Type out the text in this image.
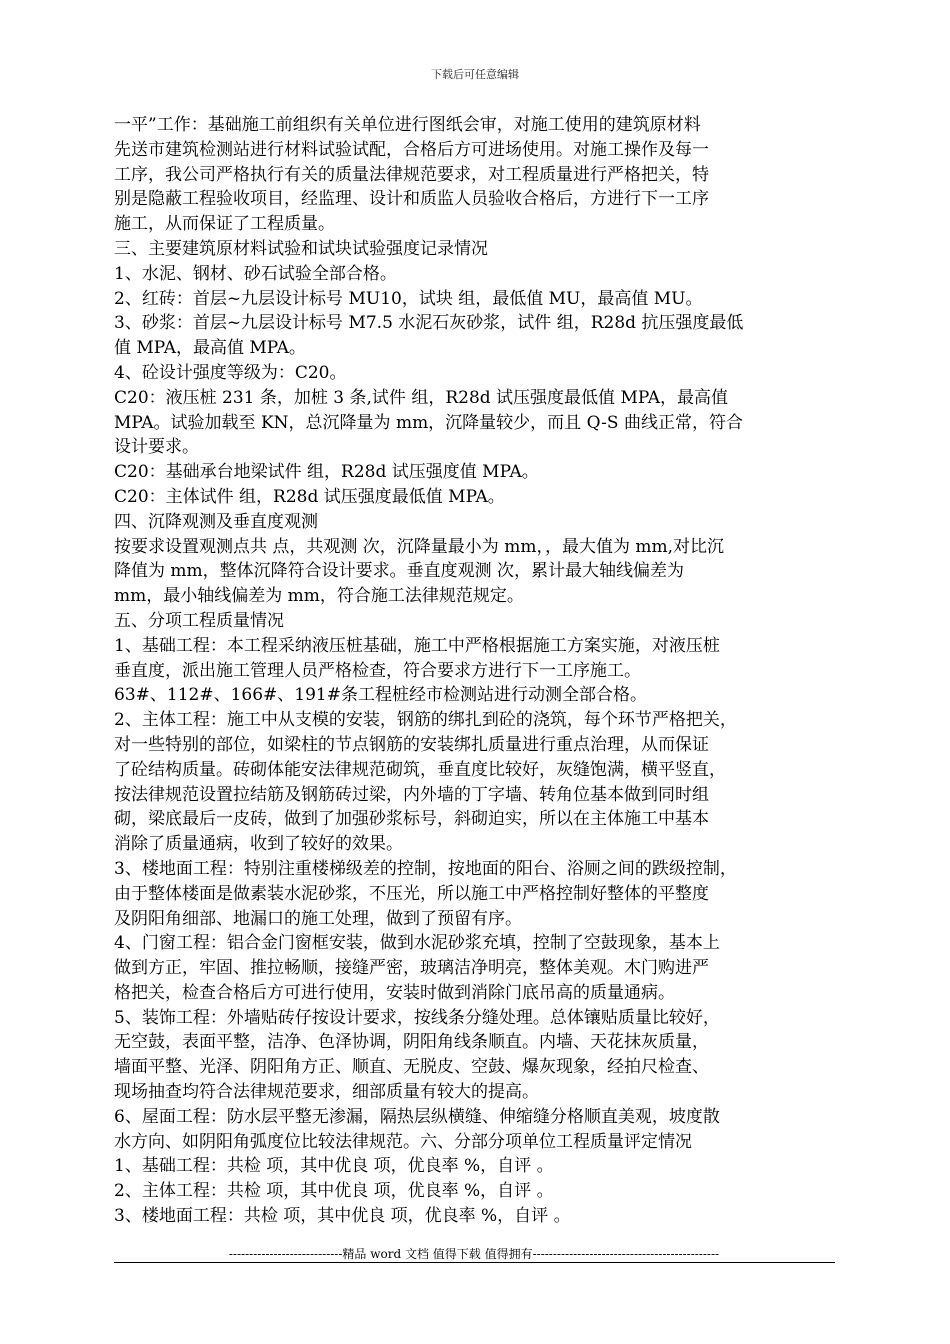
下载后可任意编辑
一平”工作：基础施工前组织有关单位进行图纸会审，对施工使用的建筑原材料
先送市建筑检测站进行材料试验试配，合格后方可进场使用。对施工操作及每一
工序，我公司严格执行有关的质量法律规范要求，对工程质量进行严格把关，特
别是隐蔽工程验收项目，经监理、设计和质监人员验收合格后，方进行下一工序
施工，从而保证了工程质量。
三、主要建筑原材料试验和试块试验强度记录情况
1、水泥、钢材、砂石试验全部合格。
2、红砖：首层~九层设计标号 MU10，试块 组，最低值 MU，最高值 MU。
3、砂浆：首层~九层设计标号 M7.5 水泥石灰砂浆，试件 组，R28d 抗压强度最低
值 MPA，最高值 MPA。
4、砼设计强度等级为：C20。
C20：液压桩 231 条，加桩 3 条,试件 组，R28d 试压强度最低值 MPA，最高值
MPA。试验加载至 KN，总沉降量为 mm，沉降量较少，而且 Q-S 曲线正常，符合
设计要求。
C20：基础承台地梁试件 组，R28d 试压强度值 MPA。
C20：主体试件 组，R28d 试压强度最低值 MPA。
四、沉降观测及垂直度观测
按要求设置观测点共 点，共观测 次，沉降量最小为 mm，，最大值为 mm,对比沉
降值为 mm，整体沉降符合设计要求。垂直度观测 次，累计最大轴线偏差为
mm，最小轴线偏差为 mm，符合施工法律规范规定。
五、分项工程质量情况
1、基础工程：本工程采纳液压桩基础，施工中严格根据施工方案实施，对液压桩
垂直度，派出施工管理人员严格检查，符合要求方进行下一工序施工。
63#、112#、166#、191#条工程桩经市检测站进行动测全部合格。
2、主体工程：施工中从支模的安装，钢筋的绑扎到砼的浇筑，每个环节严格把关，
对一些特别的部位，如梁柱的节点钢筋的安装绑扎质量进行重点治理，从而保证
了砼结构质量。砖砌体能安法律规范砌筑，垂直度比较好，灰缝饱满，横平竖直，
按法律规范设置拉结筋及钢筋砖过梁，内外墙的丁字墙、转角位基本做到同时组
砌，梁底最后一皮砖，做到了加强砂浆标号，斜砌迫实，所以在主体施工中基本
消除了质量通病，收到了较好的效果。
3、楼地面工程：特别注重楼梯级差的控制，按地面的阳台、浴厕之间的跌级控制，
由于整体楼面是做素装水泥砂浆，不压光，所以施工中严格控制好整体的平整度
及阴阳角细部、地漏口的施工处理，做到了预留有序。
4、门窗工程：铝合金门窗框安装，做到水泥砂浆充填，控制了空鼓现象，基本上
做到方正，牢固、推拉畅顺，接缝严密，玻璃洁净明亮，整体美观。木门购进严
格把关，检查合格后方可进行使用，安装时做到消除门底吊高的质量通病。
5、装饰工程：外墙贴砖仔按设计要求，按线条分缝处理。总体镶贴质量比较好，
无空鼓，表面平整，洁净、色泽协调，阴阳角线条顺直。内墙、天花抹灰质量，
墙面平整、光泽、阴阳角方正、顺直、无脱皮、空鼓、爆灰现象，经拍尺检查、
现场抽查均符合法律规范要求，细部质量有较大的提高。
6、屋面工程：防水层平整无渗漏，隔热层纵横缝、伸缩缝分格顺直美观，坡度散
水方向、如阴阳角弧度位比较法律规范。六、分部分项单位工程质量评定情况
1、基础工程：共检 项，其中优良 项，优良率 %，自评 。
2、主体工程：共检 项，其中优良 项，优良率 %，自评 。
3、楼地面工程：共检 项，其中优良 项，优良率 %，自评 。
----------------------------精品 word 文档 值得下载 值得拥有----------------------------------------------
